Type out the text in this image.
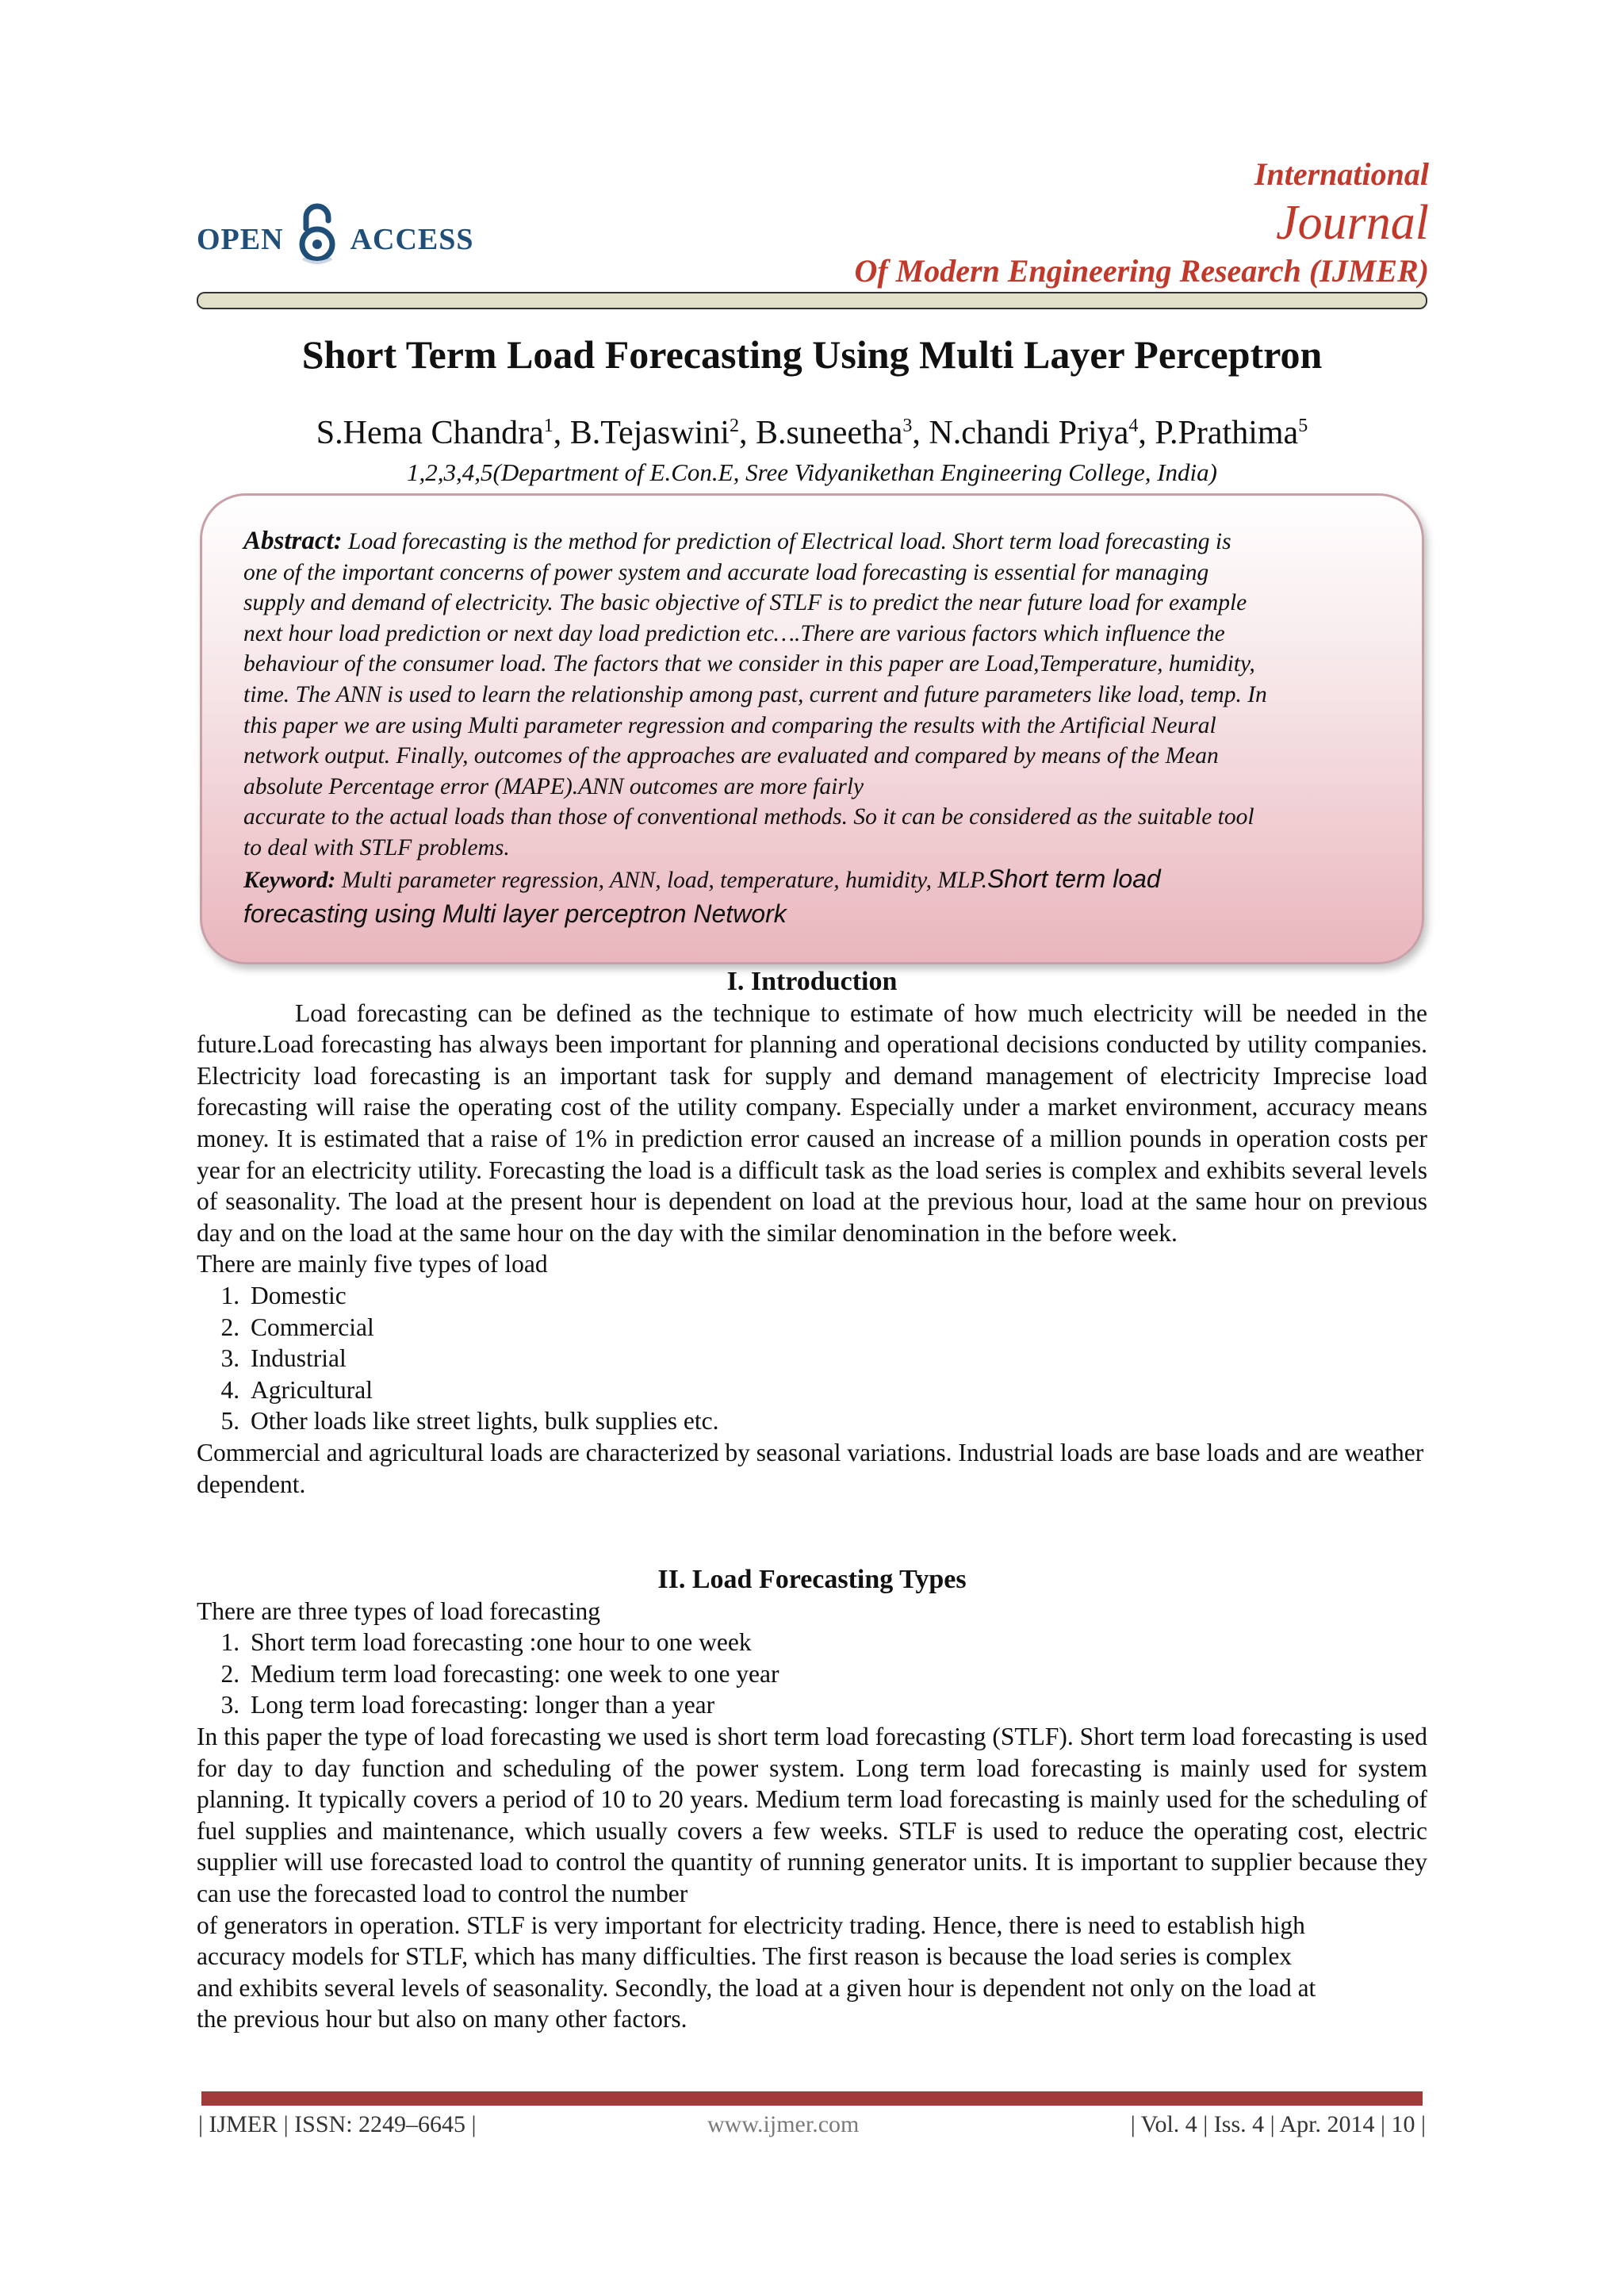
OPEN ACCESS
International
Journal
Of Modern Engineering Research (IJMER)
Short Term Load Forecasting Using Multi Layer Perceptron
S.Hema Chandra$^1$, B.Tejaswini$^2$, B.suneetha$^3$, N.chandi Priya$^4$, P.Prathima$^5$
1,2,3,4,5(Department of E.Con.E, Sree Vidyanikethan Engineering College, India)
Abstract: Load forecasting is the method for prediction of Electrical load. Short term load forecasting is
one of the important concerns of power system and accurate load forecasting is essential for managing
supply and demand of electricity. The basic objective of STLF is to predict the near future load for example
next hour load prediction or next day load prediction etc….There are various factors which influence the
behaviour of the consumer load. The factors that we consider in this paper are Load,Temperature, humidity,
time. The ANN is used to learn the relationship among past, current and future parameters like load, temp. In
this paper we are using Multi parameter regression and comparing the results with the Artificial Neural
network output. Finally, outcomes of the approaches are evaluated and compared by means of the Mean
absolute Percentage error (MAPE).ANN outcomes are more fairly
accurate to the actual loads than those of conventional methods. So it can be considered as the suitable tool
to deal with STLF problems.
Keyword: Multi parameter regression, ANN, load, temperature, humidity, MLP.Short term load
forecasting using Multi layer perceptron Network
I. Introduction
Load forecasting can be defined as the technique to estimate of how much electricity will be needed in the future.Load forecasting has always been important for planning and operational decisions conducted by utility companies. Electricity load forecasting is an important task for supply and demand management of electricity Imprecise load forecasting will raise the operating cost of the utility company. Especially under a market environment, accuracy means money. It is estimated that a raise of 1% in prediction error caused an increase of a million pounds in operation costs per year for an electricity utility. Forecasting the load is a difficult task as the load series is complex and exhibits several levels of seasonality. The load at the present hour is dependent on load at the previous hour, load at the same hour on previous day and on the load at the same hour on the day with the similar denomination in the before week.
There are mainly five types of load
1. Domestic
2. Commercial
3. Industrial
4. Agricultural
5. Other loads like street lights, bulk supplies etc.
Commercial and agricultural loads are characterized by seasonal variations. Industrial loads are base loads and are weather dependent.
II. Load Forecasting Types
There are three types of load forecasting
1. Short term load forecasting :one hour to one week
2. Medium term load forecasting: one week to one year
3. Long term load forecasting: longer than a year
In this paper the type of load forecasting we used is short term load forecasting (STLF). Short term load forecasting is used for day to day function and scheduling of the power system. Long term load forecasting is mainly used for system planning. It typically covers a period of 10 to 20 years. Medium term load forecasting is mainly used for the scheduling of fuel supplies and maintenance, which usually covers a few weeks. STLF is used to reduce the operating cost, electric supplier will use forecasted load to control the quantity of running generator units. It is important to supplier because they can use the forecasted load to control the number
of generators in operation. STLF is very important for electricity trading. Hence, there is need to establish high
accuracy models for STLF, which has many difficulties. The first reason is because the load series is complex
and exhibits several levels of seasonality. Secondly, the load at a given hour is dependent not only on the load at
the previous hour but also on many other factors.
| IJMER | ISSN: 2249–6645 |	www.ijmer.com	| Vol. 4 | Iss. 4 | Apr. 2014 | 10 |
